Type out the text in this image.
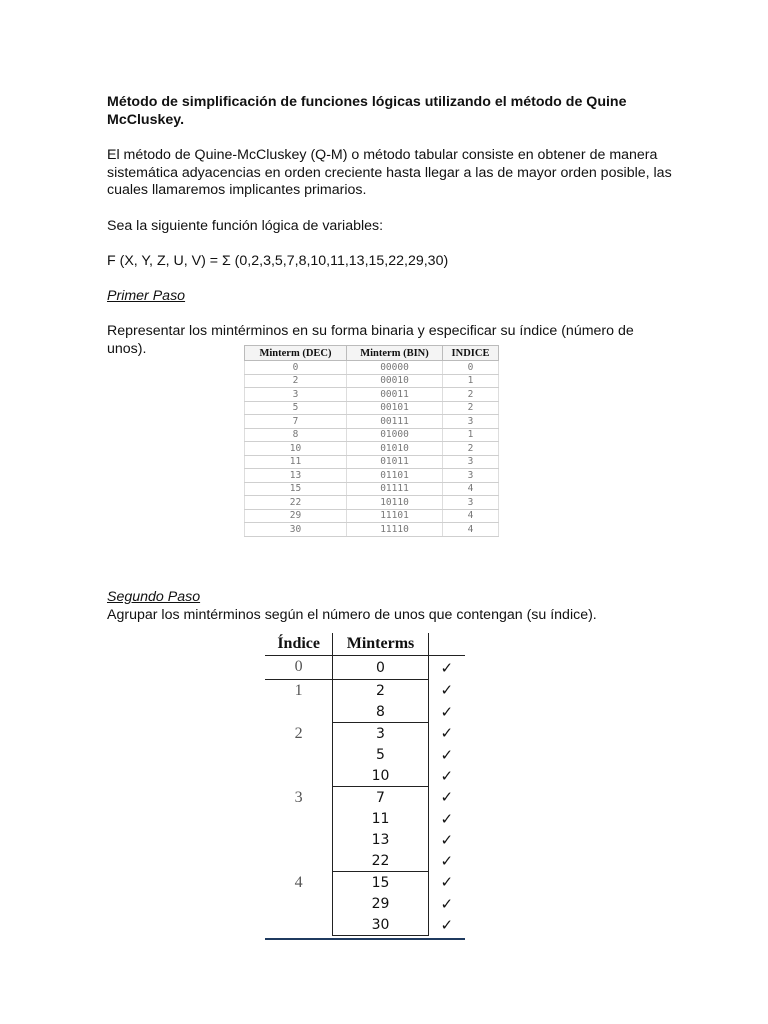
Método de simplificación de funciones lógicas utilizando el método de Quine McCluskey.

El método de Quine-McCluskey (Q-M) o método tabular consiste en obtener de manera sistemática adyacencias en orden creciente hasta llegar a las de mayor orden posible, las cuales llamaremos implicantes primarios.

Sea la siguiente función lógica de variables:

F (X, Y, Z, U, V) = Σ (0,2,3,5,7,8,10,11,13,15,22,29,30)

Primer Paso

Representar los mintérminos en su forma binaria y especificar su índice (número de unos).	Minterm (DEC)	Minterm (BIN)	INDICE
0	00000	0
2	00010	1
3	00011	2
5	00101	2
7	00111	3
8	01000	1
10	01010	2
11	01011	3
13	01101	3
15	01111	4
22	10110	3
29	11101	4
30	11110	4

Segundo Paso

Agrupar los mintérminos según el número de unos que contengan (su índice).

Índice	Minterms	
0	0	✓
1	2	✓
	8	✓
2	3	✓
	5	✓
	10	✓
3	7	✓
	11	✓
	13	✓
	22	✓
4	15	✓
	29	✓
	30	✓
